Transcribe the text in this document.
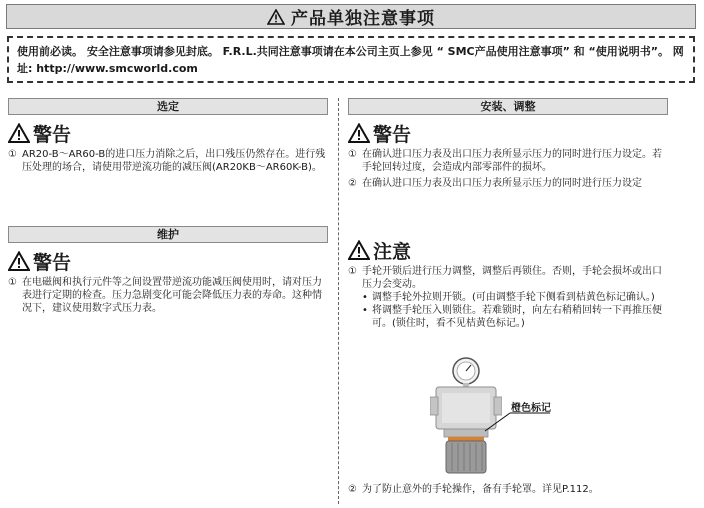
产品单独注意事项
使用前必读。 安全注意事项请参见封底。 F.R.L.共同注意事项请在本公司主页上参见 “ SMC产品使用注意事项” 和 “使用说明书”。 网址: http://www.smcworld.com
选定
警告
① AR20-B～AR60-B的进口压力消除之后，出口残压仍然存在。进行残压处理的场合，请使用带逆流功能的减压阀(AR20KB～AR60K-B)。
维护
警告
① 在电磁阀和执行元件等之间设置带逆流功能减压阀使用时，请对压力表进行定期的检查。压力急剧变化可能会降低压力表的寿命。这种情况下，建议使用数字式压力表。
安装、调整
警告
① 在确认进口压力表及出口压力表所显示压力的同时进行压力设定。若手轮回转过度，会造成内部零部件的损坏。
② 在确认进口压力表及出口压力表所显示压力的同时进行压力设定
注意
① 手轮开锁后进行压力调整，调整后再锁住。否则，手轮会损坏或出口压力会变动。
• 调整手轮外拉则开锁。(可由调整手轮下侧看到桔黄色标记确认。)
• 将调整手轮压入则锁住。若难锁时，向左右稍稍回转一下再推压便可。(锁住时，看不见桔黄色标记。)
② 为了防止意外的手轮操作，备有手轮罩。详见P.112。
橙色标记
